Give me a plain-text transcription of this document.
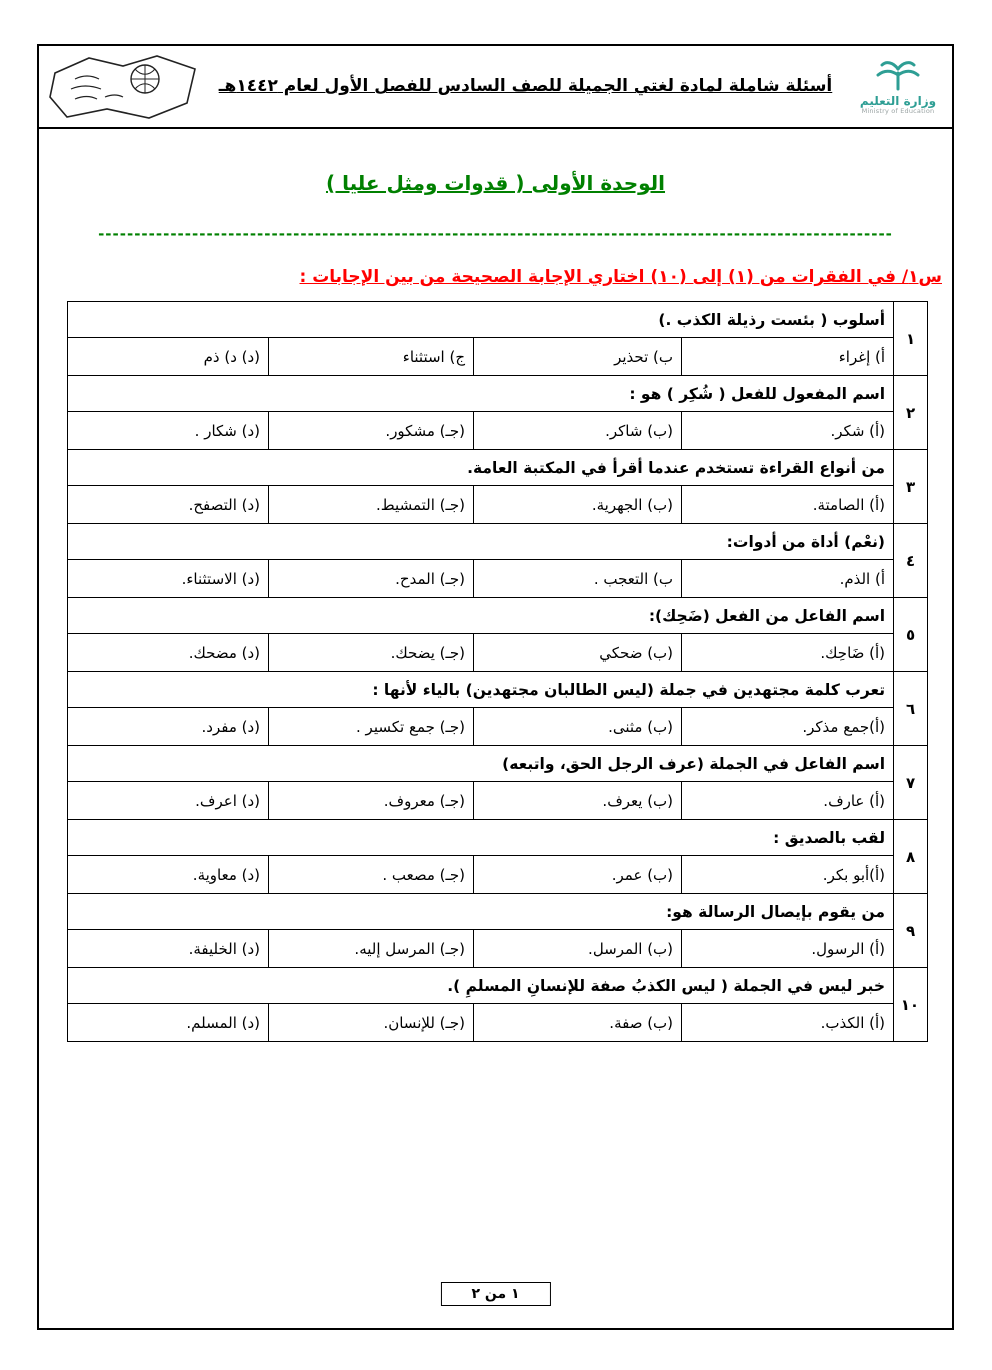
أسئلة شاملة لمادة لغتي الجميلة للصف السادس للفصل الأول لعام ١٤٤٢هـ
وزارة التعليم
Ministry of Education
الوحدة الأولى ( قدوات ومثل عليا )
--------------------------------------------------------------------------------------------------------------
س١/ في الفقرات من (١) إلى (١٠) اختاري الإجابة الصحيحة من بين الإجابات :
١	أسلوب ( بئست رذيلة الكذب .)			
	أ) إغراء	ب) تحذير	ج) استثناء	(د) د) ذم
٢	اسم المفعول للفعل ( شُكِر ) هو :			
	(أ) شكر.	(ب) شاكر.	(جـ) مشكور.	(د) شكار .
٣	من أنواع القراءة تستخدم عندما أقرأ في المكتبة العامة.			
	(أ) الصامتة.	(ب) الجهرية.	(جـ) التمشيط.	(د) التصفح.
٤	(نعْم) أداة من أدوات:			
	أ) الذم.	ب) التعجب .	(جـ) المدح.	(د) الاستثناء.
٥	اسم الفاعل من الفعل (ضَحِك):			
	(أ) ضَاحِك.	(ب) ضحكي	(جـ) يضحك.	(د) مضحك.
٦	تعرب كلمة مجتهدين في جملة (ليس الطالبان مجتهدين) بالياء لأنها :			
	(أ)جمع مذكر.	(ب) مثنى.	(جـ) جمع تكسير .	(د) مفرد.
٧	اسم الفاعل في الجملة (عرف الرجل الحق، واتبعه)			
	(أ) عارف.	(ب) يعرف.	(جـ) معروف.	(د) اعرف.
٨	لقب بالصديق :			
	(أ)أبو بكر.	(ب) عمر.	(جـ) مصعب .	(د) معاوية.
٩	من يقوم بإيصال الرسالة هو:			
	(أ) الرسول.	(ب) المرسل.	(جـ) المرسل إليه.	(د) الخليفة.
١٠	خبر ليس في الجملة ( ليس الكذبُ صفة للإنسانِ المسلمِ ).			
	(أ) الكذب.	(ب) صفة.	(جـ) للإنسان.	(د) المسلم.
١ من ٢
